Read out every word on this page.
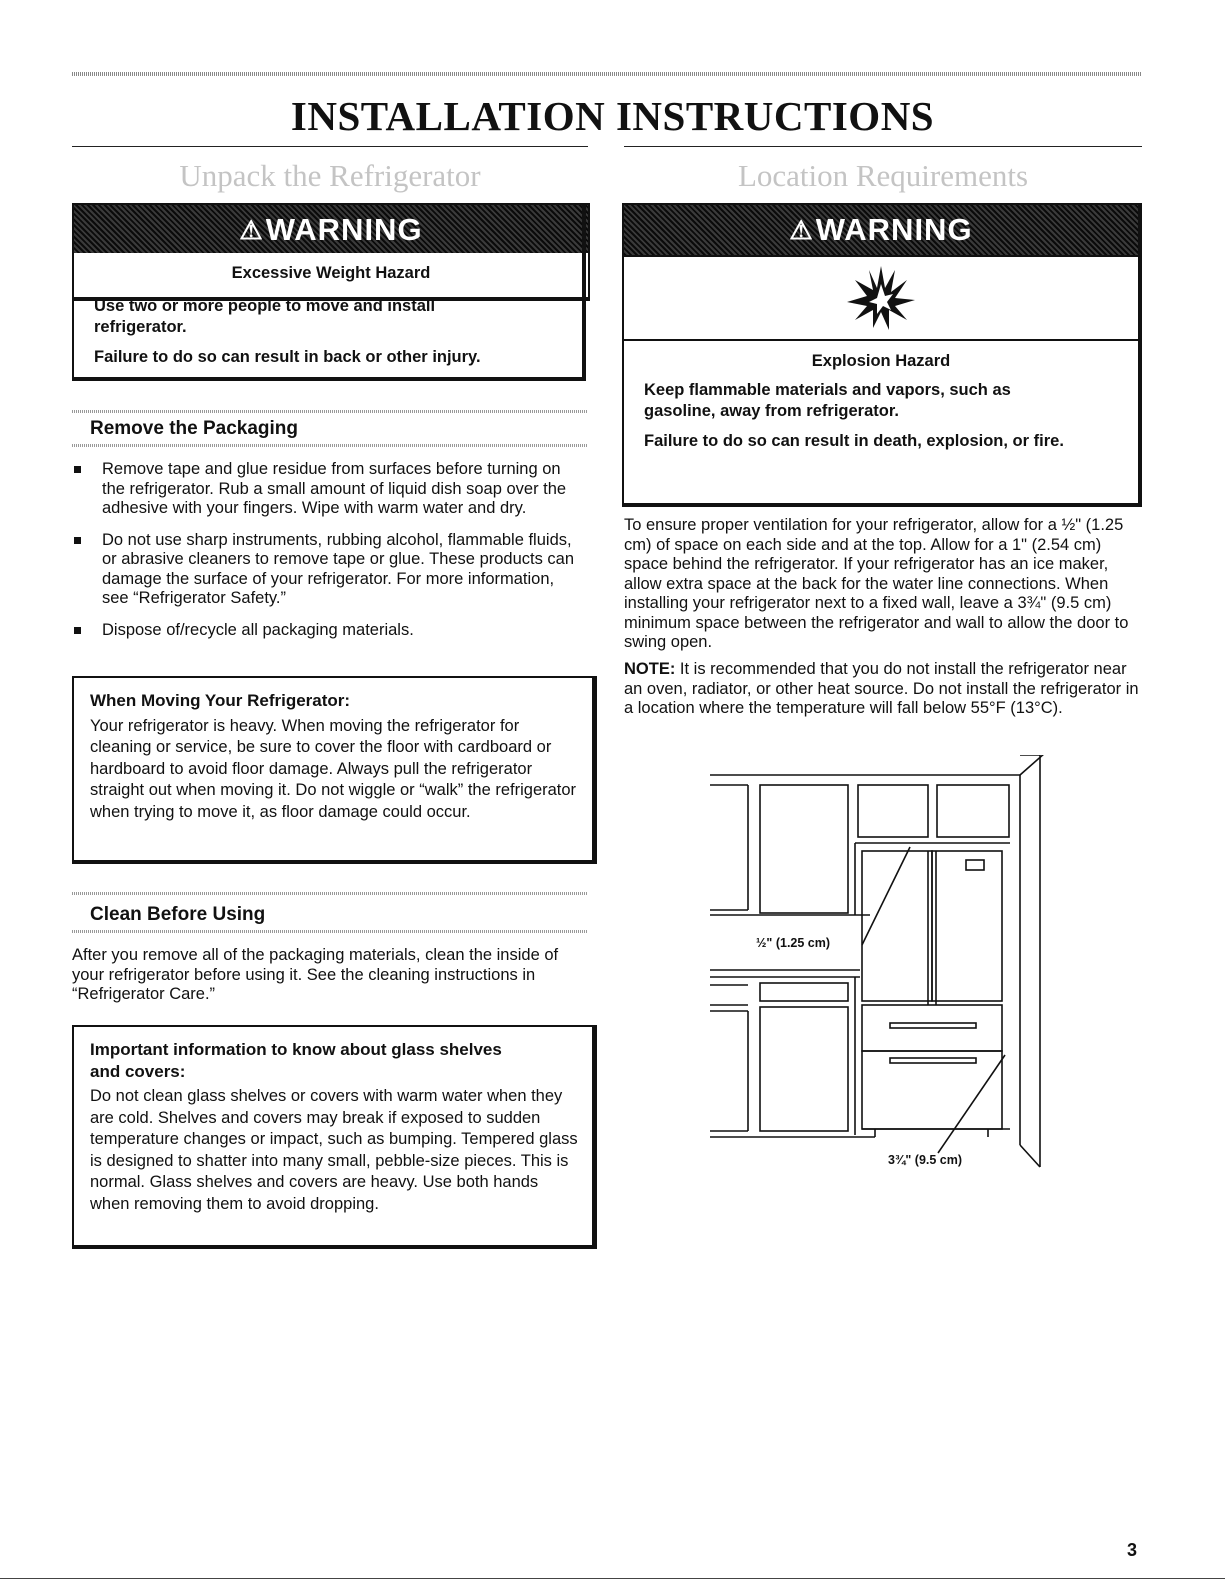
INSTALLATION INSTRUCTIONS
Unpack the Refrigerator
⚠ WARNING
Excessive Weight Hazard

Use two or more people to move and install refrigerator.

Failure to do so can result in back or other injury.

Remove the Packaging
Remove tape and glue residue from surfaces before turning on the refrigerator. Rub a small amount of liquid dish soap over the adhesive with your fingers. Wipe with warm water and dry.
Do not use sharp instruments, rubbing alcohol, flammable fluids, or abrasive cleaners to remove tape or glue. These products can damage the surface of your refrigerator. For more information, see “Refrigerator Safety.”
Dispose of/recycle all packaging materials.
When Moving Your Refrigerator:
Your refrigerator is heavy. When moving the refrigerator for cleaning or service, be sure to cover the floor with cardboard or hardboard to avoid floor damage. Always pull the refrigerator straight out when moving it. Do not wiggle or “walk” the refrigerator when trying to move it, as floor damage could occur.
Clean Before Using
After you remove all of the packaging materials, clean the inside of your refrigerator before using it. See the cleaning instructions in “Refrigerator Care.”
Important information to know about glass shelves and covers:
Do not clean glass shelves or covers with warm water when they are cold. Shelves and covers may break if exposed to sudden temperature changes or impact, such as bumping. Tempered glass is designed to shatter into many small, pebble-size pieces. This is normal. Glass shelves and covers are heavy. Use both hands when removing them to avoid dropping.
Location Requirements
⚠ WARNING
Explosion Hazard

Keep flammable materials and vapors, such as gasoline, away from refrigerator.

Failure to do so can result in death, explosion, or fire.

To ensure proper ventilation for your refrigerator, allow for a ½" (1.25 cm) of space on each side and at the top. Allow for a 1" (2.54 cm) space behind the refrigerator. If your refrigerator has an ice maker, allow extra space at the back for the water line connections. When installing your refrigerator next to a fixed wall, leave a 3¾" (9.5 cm) minimum space between the refrigerator and wall to allow the door to swing open.
NOTE: It is recommended that you do not install the refrigerator near an oven, radiator, or other heat source. Do not install the refrigerator in a location where the temperature will fall below 55°F (13°C).
½" (1.25 cm)
3¾" (9.5 cm)
3
